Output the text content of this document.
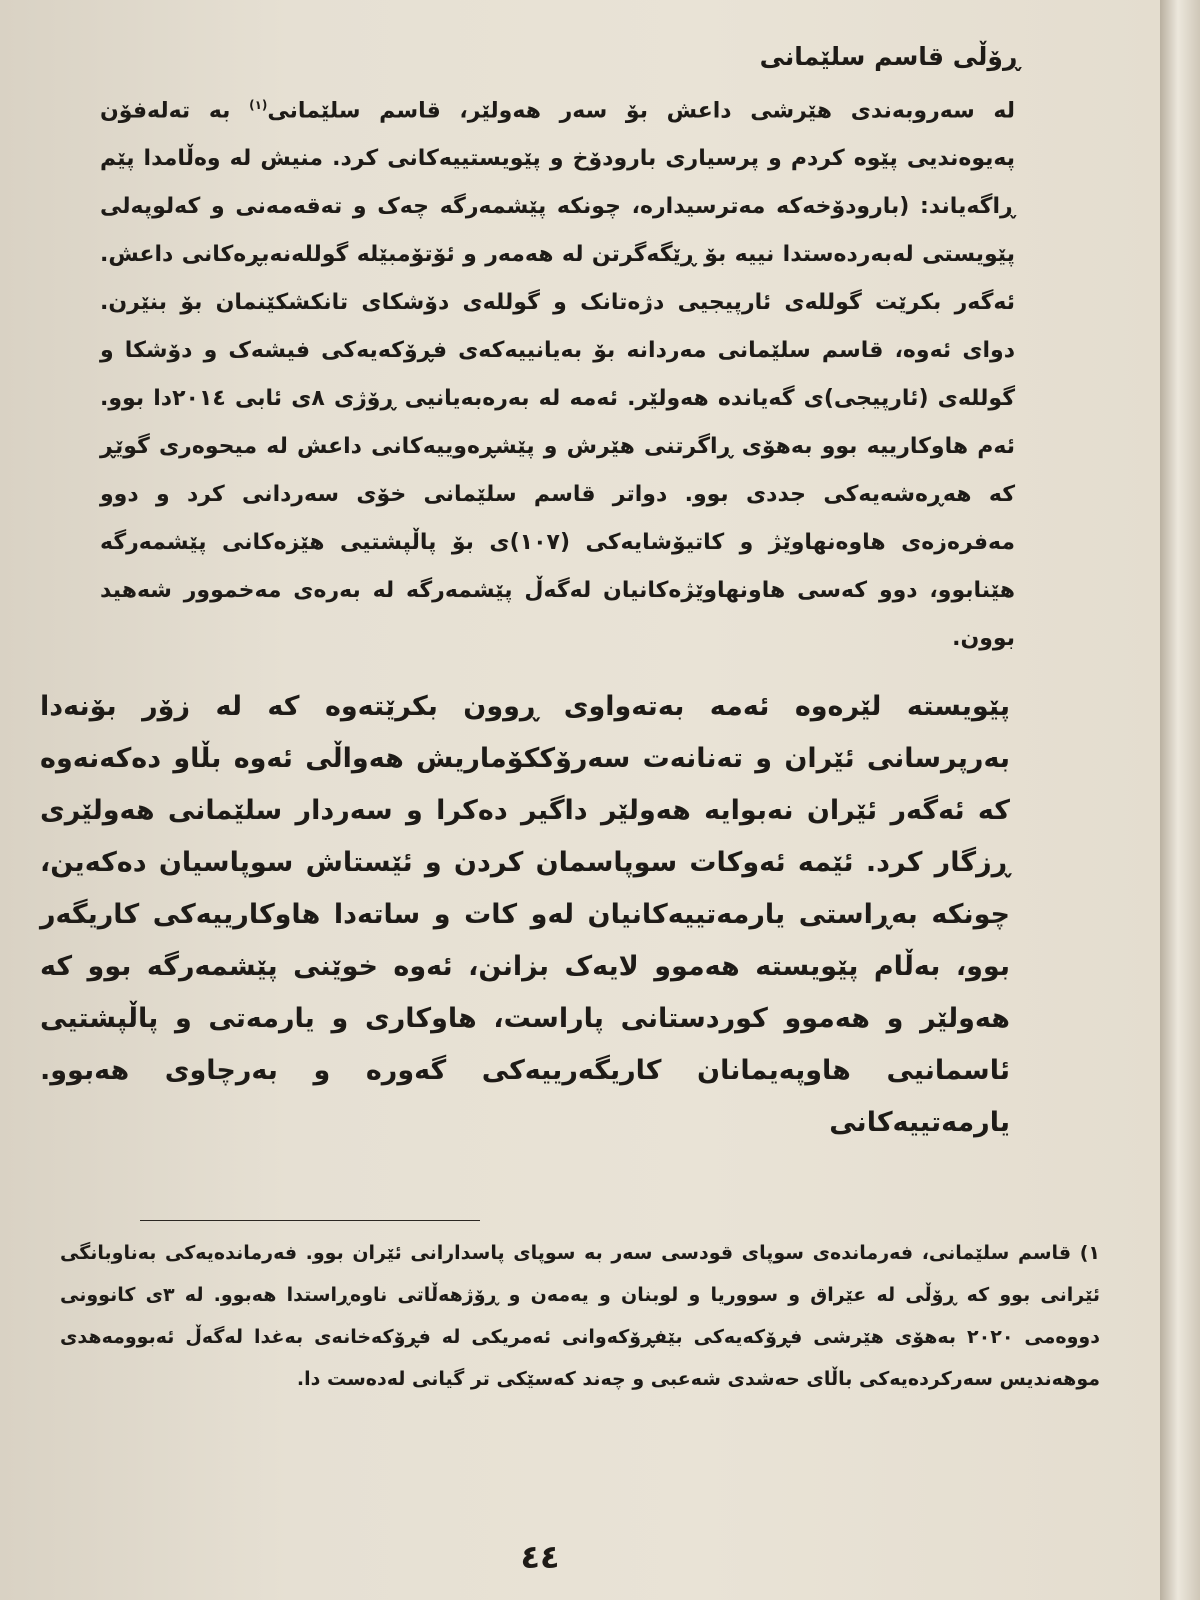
ڕۆڵی قاسم سلێمانی

لە سەروبەندی هێرشی داعش بۆ سەر هەولێر، قاسم سلێمانی$^{(١)}$ بە تەلەفۆن پەیوەندیی پێوە کردم و پرسیاری بارودۆخ و پێویستییەکانی کرد. منیش لە وەڵامدا پێم ڕاگەیاند: (بارودۆخەکە مەترسیدارە، چونکە پێشمەرگە چەک و تەقەمەنی و کەلوپەلی پێویستی لەبەردەستدا نییە بۆ ڕێگەگرتن لە هەمەر و ئۆتۆمبێلە گوللەنەبڕەکانی داعش. ئەگەر بکرێت گوللەی ئارپیجیی دژەتانک و گوللەی دۆشکای تانکشکێنمان بۆ بنێرن. دوای ئەوە، قاسم سلێمانی مەردانە بۆ بەیانییەکەی فڕۆکەیەکی فیشەک و دۆشکا و گوللەی (ئارپیجی)ی گەیاندە هەولێر. ئەمە لە بەرەبەیانیی ڕۆژی ٨ی ئابی ٢٠١٤دا بوو. ئەم هاوکارییە بوو بەهۆی ڕاگرتنی هێرش و پێشڕەوییەکانی داعش لە میحوەری گوێڕ کە هەڕەشەیەکی جددی بوو. دواتر قاسم سلێمانی خۆی سەردانی کرد و دوو مەفرەزەی هاوەنهاوێژ و کاتیۆشایەکی (١٠٧)ی بۆ پاڵپشتیی هێزەکانی پێشمەرگە هێنابوو، دوو کەسی هاونهاوێژەکانیان لەگەڵ پێشمەرگە لە بەرەی مەخموور شەهید بوون.

پێویستە لێرەوە ئەمە بەتەواوی ڕوون بکرێتەوە کە لە زۆر بۆنەدا بەرپرسانی ئێران و تەنانەت سەرۆککۆماریش هەواڵی ئەوە بڵاو دەکەنەوە کە ئەگەر ئێران نەبوایە هەولێر داگیر دەکرا و سەردار سلێمانی هەولێری ڕزگار کرد. ئێمە ئەوکات سوپاسمان کردن و ئێستاش سوپاسیان دەکەین، چونکە بەڕاستی یارمەتییەکانیان لەو کات و ساتەدا هاوکارییەکی کاریگەر بوو، بەڵام پێویستە هەموو لایەک بزانن، ئەوە خوێنی پێشمەرگە بوو کە هەولێر و هەموو کوردستانی پاراست، هاوکاری و یارمەتی و پاڵپشتیی ئاسمانیی هاوپەیمانان کاریگەرییەکی گەورە و بەرچاوی هەبوو. یارمەتییەکانی

١) قاسم سلێمانی، فەرماندەی سوپای قودسی سەر بە سوپای پاسدارانی ئێران بوو. فەرماندەیەکی بەناوبانگی ئێرانی بوو کە ڕۆڵی لە عێراق و سووریا و لوبنان و یەمەن و ڕۆژهەڵاتی ناوەڕاستدا هەبوو. لە ٣ی کانوونی دووەمی ٢٠٢٠ بەهۆی هێرشی فڕۆکەیەکی بێفڕۆکەوانی ئەمریکی لە فڕۆکەخانەی بەغدا لەگەڵ ئەبوومەهدی موهەندیس سەرکردەیەکی باڵای حەشدی شەعبی و چەند کەسێکی تر گیانی لەدەست دا.
٤٤
